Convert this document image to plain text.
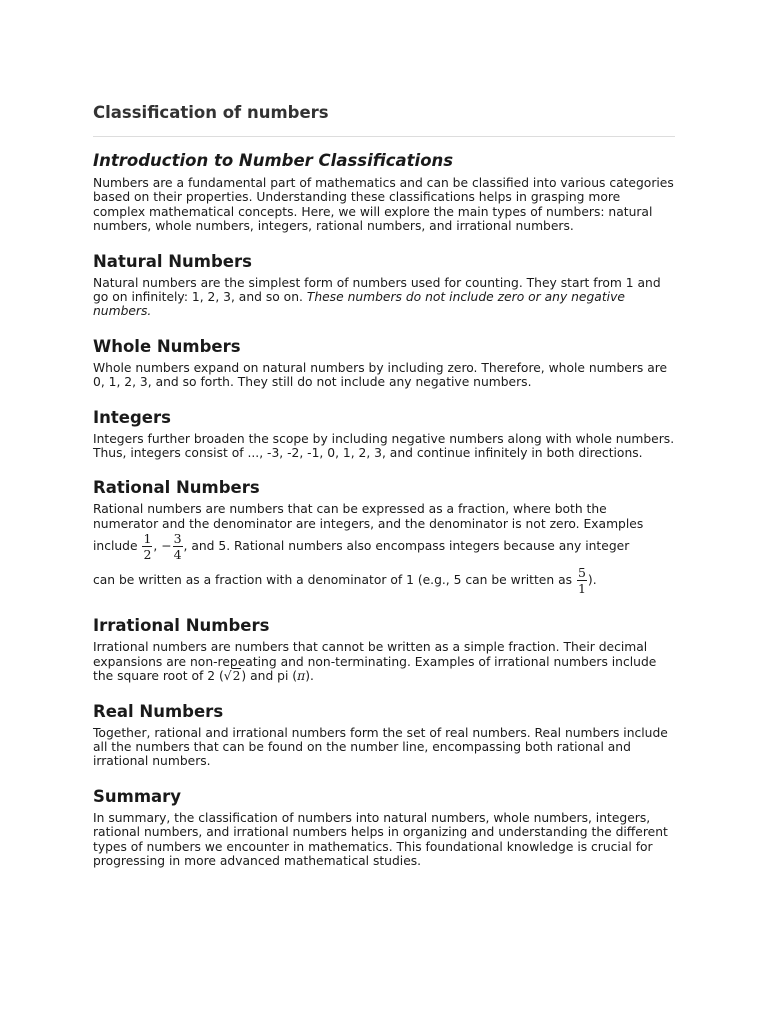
Classification of numbers
Introduction to Number Classifications

Numbers are a fundamental part of mathematics and can be classified into various categories based on their properties. Understanding these classifications helps in grasping more complex mathematical concepts. Here, we will explore the main types of numbers: natural numbers, whole numbers, integers, rational numbers, and irrational numbers.

Natural Numbers

Natural numbers are the simplest form of numbers used for counting. They start from 1 and go on infinitely: 1, 2, 3, and so on. These numbers do not include zero or any negative numbers.

Whole Numbers

Whole numbers expand on natural numbers by including zero. Therefore, whole numbers are 0, 1, 2, 3, and so forth. They still do not include any negative numbers.

Integers

Integers further broaden the scope by including negative numbers along with whole numbers. Thus, integers consist of ..., -3, -2, -1, 0, 1, 2, 3, and continue infinitely in both directions.

Rational Numbers

Rational numbers are numbers that can be expressed as a fraction, where both the numerator and the denominator are integers, and the denominator is not zero. Examples include $\frac{1}{2}$ , − $\frac{3}{4}$ , and 5. Rational numbers also encompass integers because any integer
can be written as a fraction with a denominator of 1 (e.g., 5 can be written as $\frac{5}{1}$ ).

Irrational Numbers

Irrational numbers are numbers that cannot be written as a simple fraction. Their decimal expansions are non-repeating and non-terminating. Examples of irrational numbers include the square root of 2 (√2) and pi (π).

Real Numbers

Together, rational and irrational numbers form the set of real numbers. Real numbers include all the numbers that can be found on the number line, encompassing both rational and irrational numbers.

Summary

In summary, the classification of numbers into natural numbers, whole numbers, integers, rational numbers, and irrational numbers helps in organizing and understanding the different types of numbers we encounter in mathematics. This foundational knowledge is crucial for progressing in more advanced mathematical studies.
